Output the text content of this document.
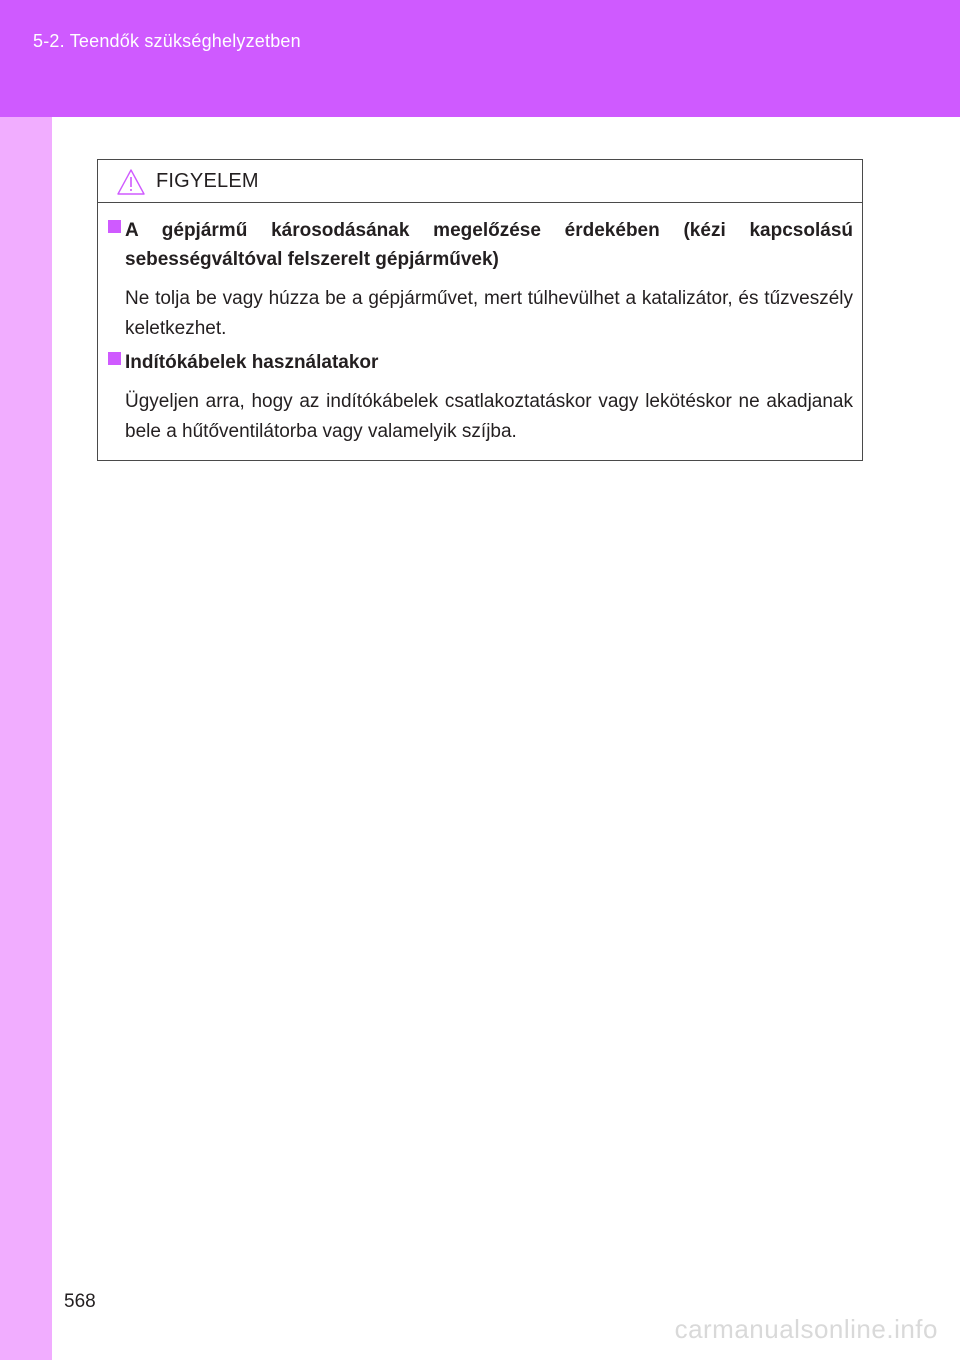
5-2. Teendők szükséghelyzetben
FIGYELEM
A gépjármű károsodásának megelőzése érdekében (kézi kapcsolású sebességváltóval felszerelt gépjárművek)
Ne tolja be vagy húzza be a gépjárművet, mert túlhevülhet a katalizátor, és tűzveszély keletkezhet.
Indítókábelek használatakor
Ügyeljen arra, hogy az indítókábelek csatlakoztatáskor vagy lekötéskor ne akadjanak bele a hűtőventilátorba vagy valamelyik szíjba.
568
carmanualsonline.info
